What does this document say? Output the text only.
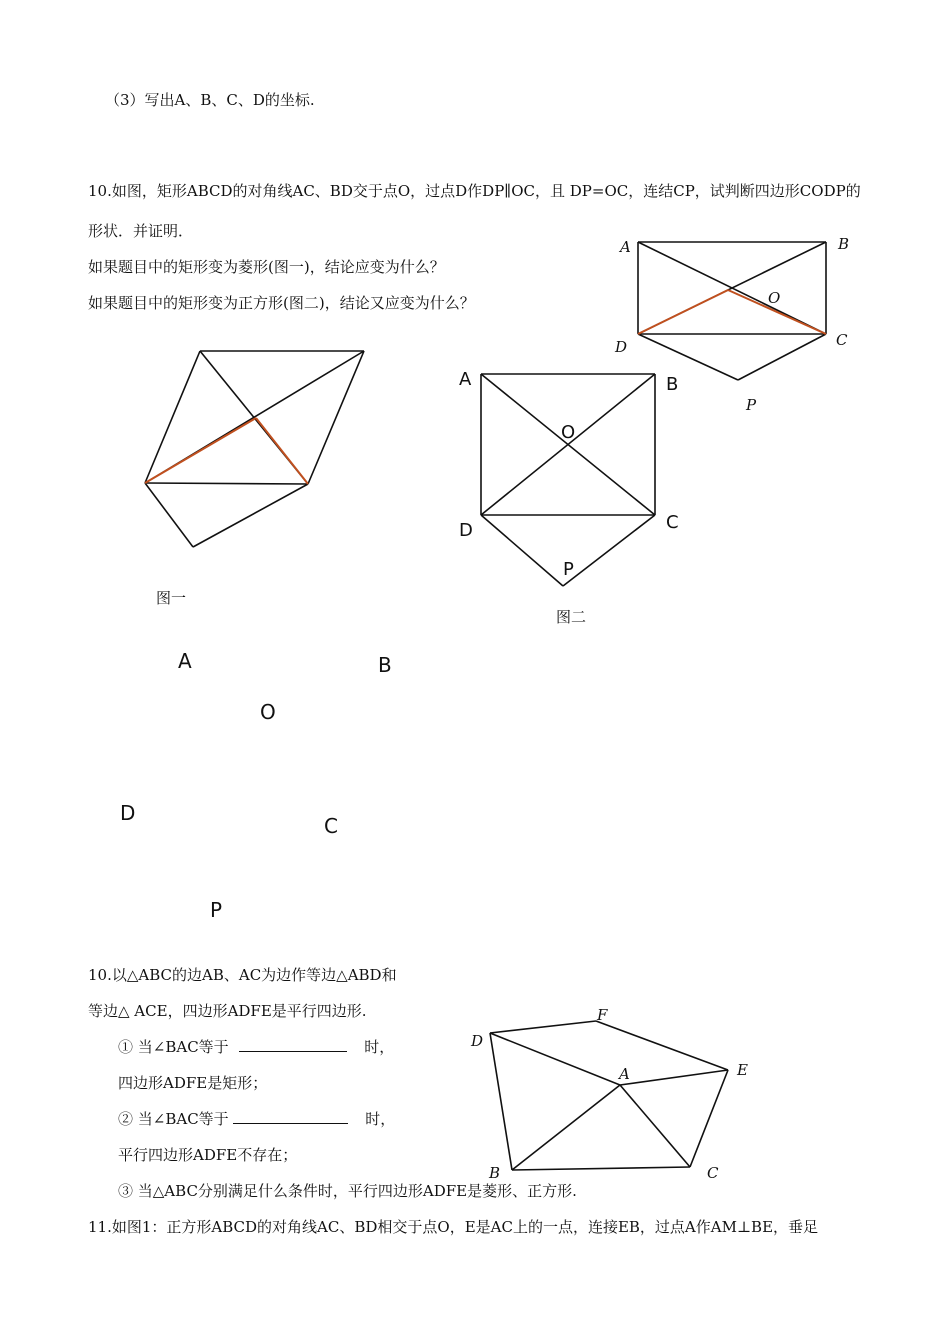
（3）写出A、B、C、D的坐标.
10.如图，矩形ABCD的对角线AC、BD交于点O，过点D作DP∥OC，且 DP=OC，连结CP，试判断四边形CODP的
形状．并证明．
如果题目中的矩形变为菱形(图一)，结论应变为什么？
如果题目中的矩形变为正方形(图二)，结论又应变为什么？
图一
图二
10.以△ABC的边AB、AC为边作等边△ABD和
等边△ ACE，四边形ADFE是平行四边形.
① 当∠BAC等于	时，
四边形ADFE是矩形；
② 当∠BAC等于	时，
平行四边形ADFE不存在；
③ 当△ABC分别满足什么条件时，平行四边形ADFE是菱形、正方形.
11.如图1：正方形ABCD的对角线AC、BD相交于点O，E是AC上的一点，连接EB，过点A作AM⊥BE，垂足
A	B
C
D
O
P
A	B
C
D
O
P
A	B
O
D
C
P
D
F
E
A
B	C
